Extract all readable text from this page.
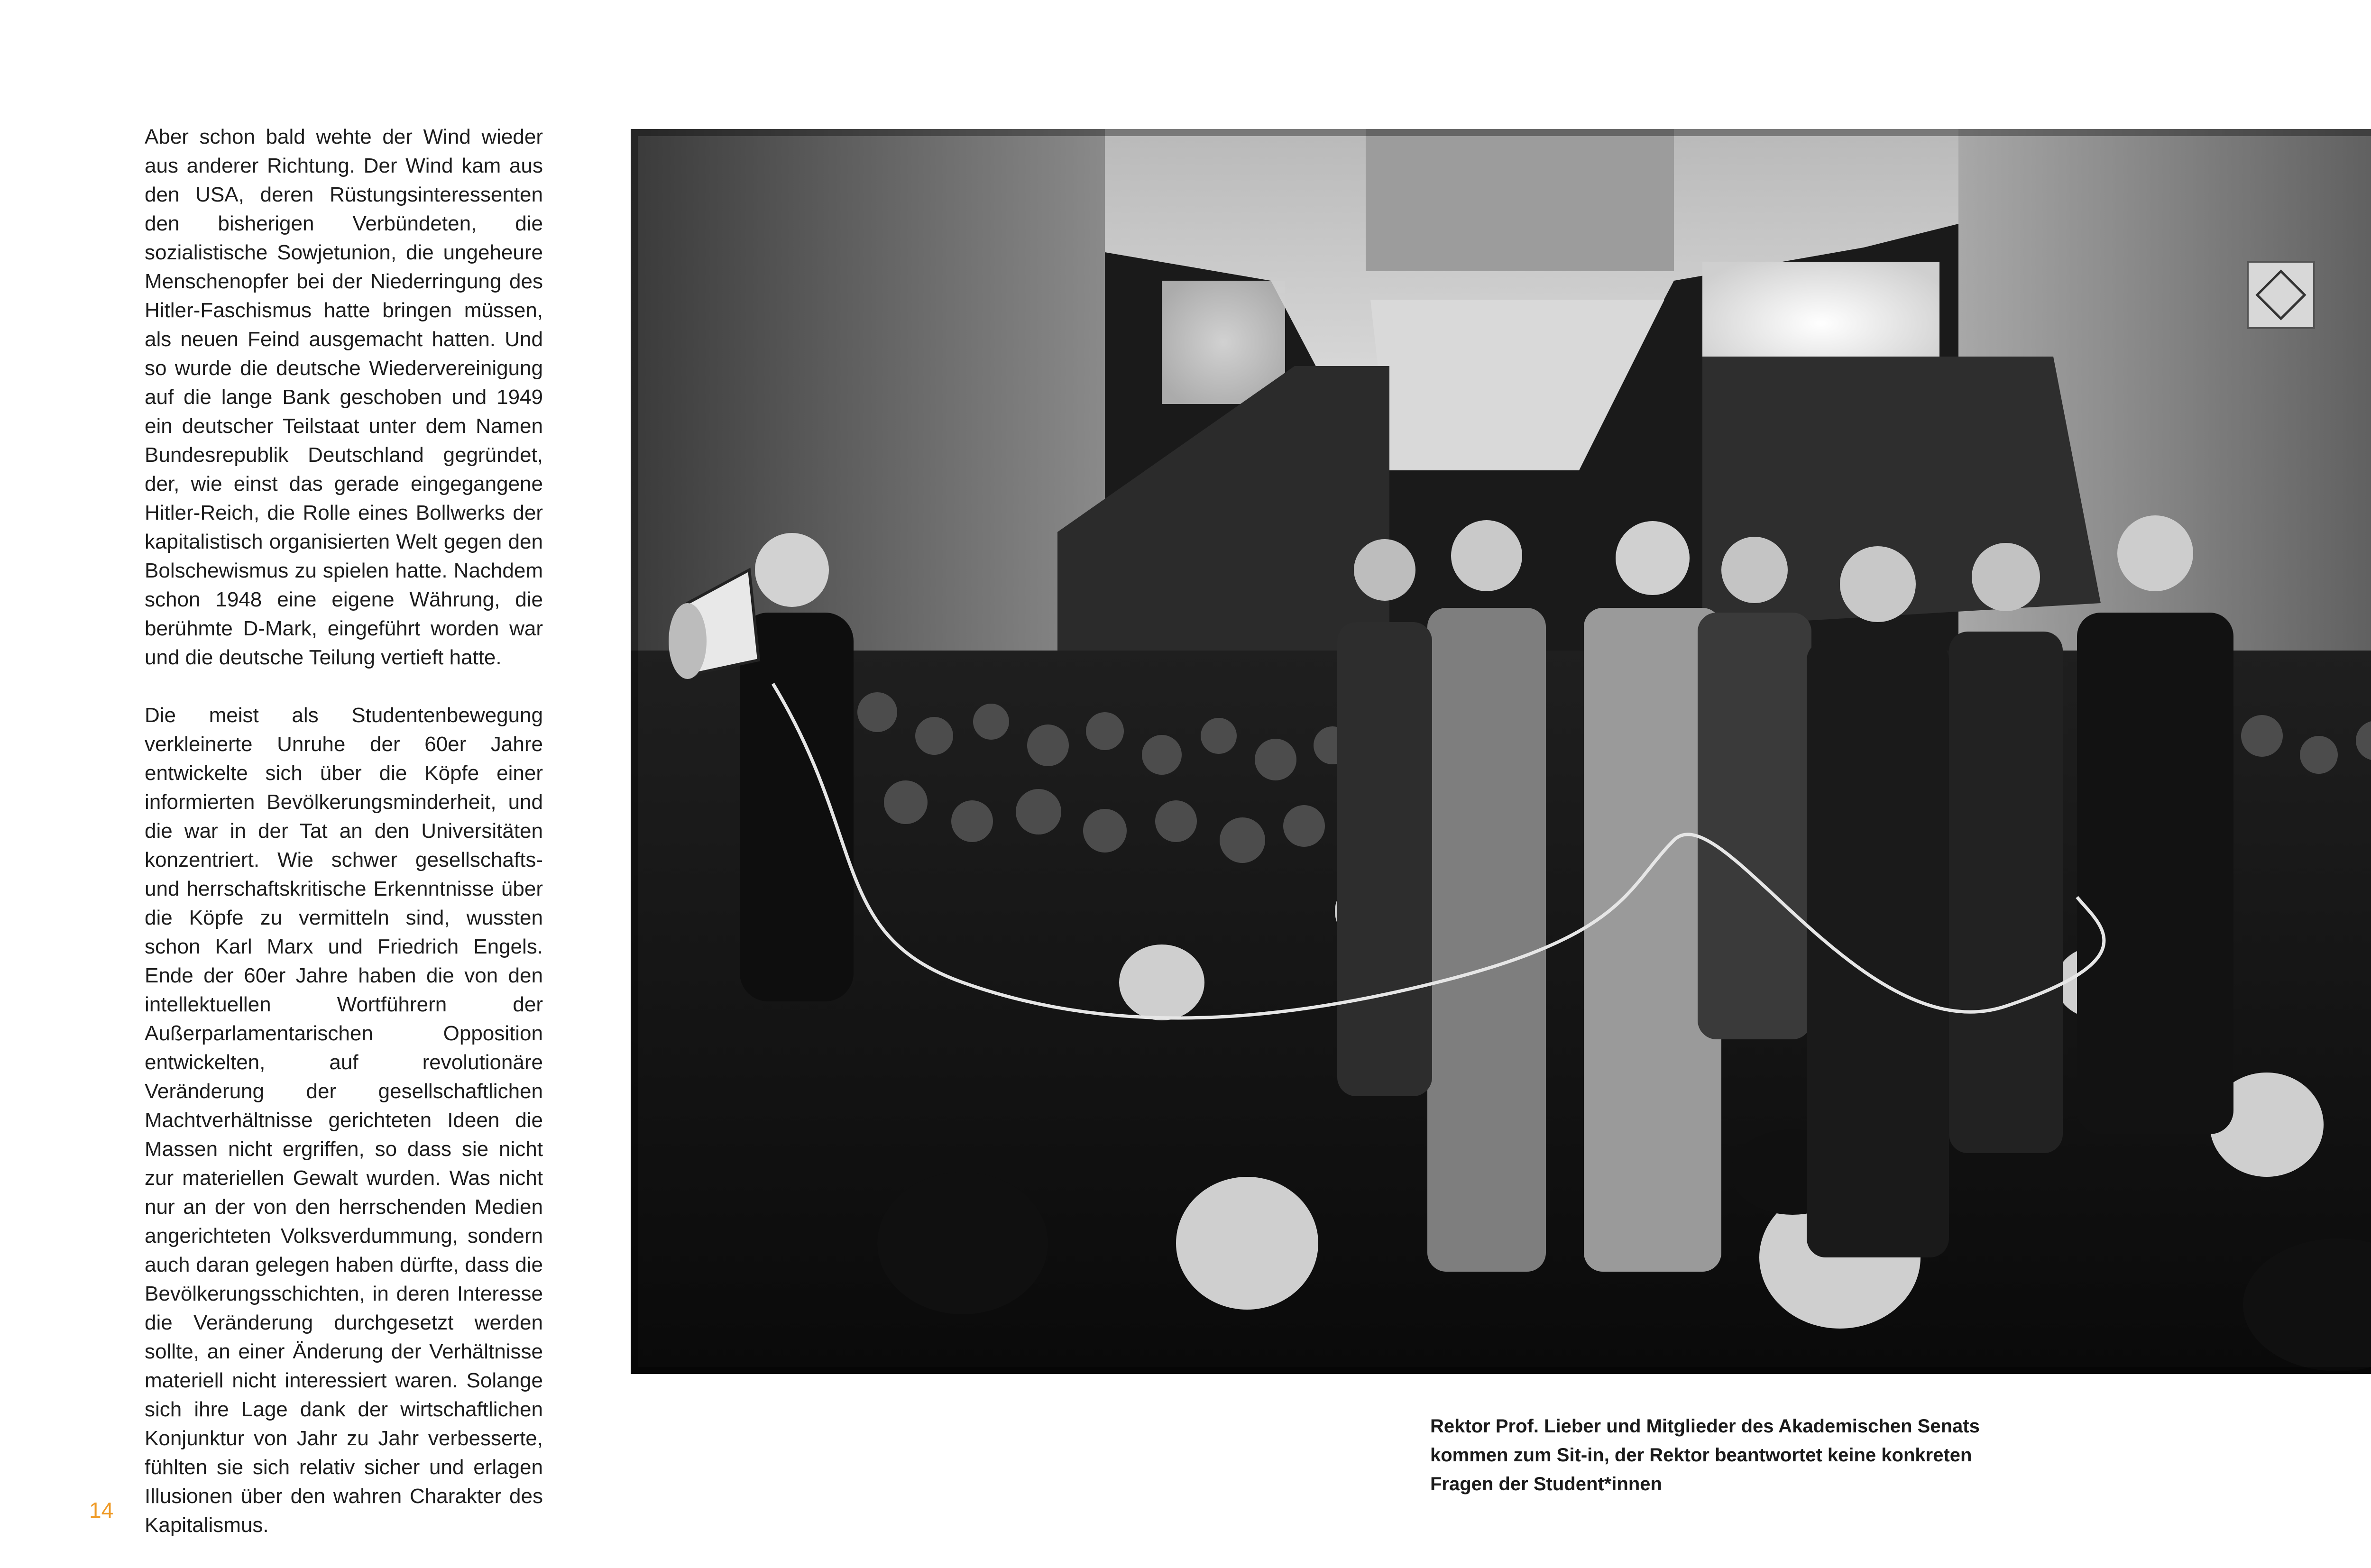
Aber schon bald wehte der Wind wieder aus anderer Richtung. Der Wind kam aus den USA, deren Rüstungsinteressenten den bisherigen Verbündeten, die sozialistische Sowjetunion, die ungeheure Menschenopfer bei der Niederringung des Hitler-Faschismus hatte bringen müssen, als neuen Feind ausgemacht hatten. Und so wurde die deutsche Wiedervereinigung auf die lange Bank geschoben und 1949 ein deutscher Teilstaat unter dem Namen Bundesrepublik Deutschland gegründet, der, wie einst das gerade eingegangene Hitler-Reich, die Rolle eines Bollwerks der kapitalistisch organisierten Welt gegen den Bolschewismus zu spielen hatte. Nachdem schon 1948 eine eigene Währung, die berühmte D-Mark, eingeführt worden war und die deutsche Teilung vertieft hatte.

Die meist als Studentenbewegung verkleinerte Unruhe der 60er Jahre entwickelte sich über die Köpfe einer informierten Bevölkerungsminderheit, und die war in der Tat an den Universitäten konzentriert. Wie schwer gesellschafts- und herrschaftskritische Erkenntnisse über die Köpfe zu vermitteln sind, wussten schon Karl Marx und Friedrich Engels. Ende der 60er Jahre haben die von den intellektuellen Wortführern der Außerparlamentarischen Opposition entwickelten, auf revolutionäre Veränderung der gesellschaftlichen Machtverhältnisse gerichteten Ideen die Massen nicht ergriffen, so dass sie nicht zur materiellen Gewalt wurden. Was nicht nur an der von den herrschenden Medien angerichteten Volksverdummung, sondern auch daran gelegen haben dürfte, dass die Bevölkerungsschichten, in deren Interesse die Veränderung durchgesetzt werden sollte, an einer Änderung der Verhältnisse materiell nicht interessiert waren. Solange sich ihre Lage dank der wirtschaftlichen Konjunktur von Jahr zu Jahr verbesserte, fühlten sie sich relativ sicher und erlagen Illusionen über den wahren Charakter des Kapitalismus.

Rektor Prof. Lieber und Mitglieder des Akademischen Senats kommen zum Sit-in, der Rektor beantwortet keine konkreten Fragen der Student*innen
14
